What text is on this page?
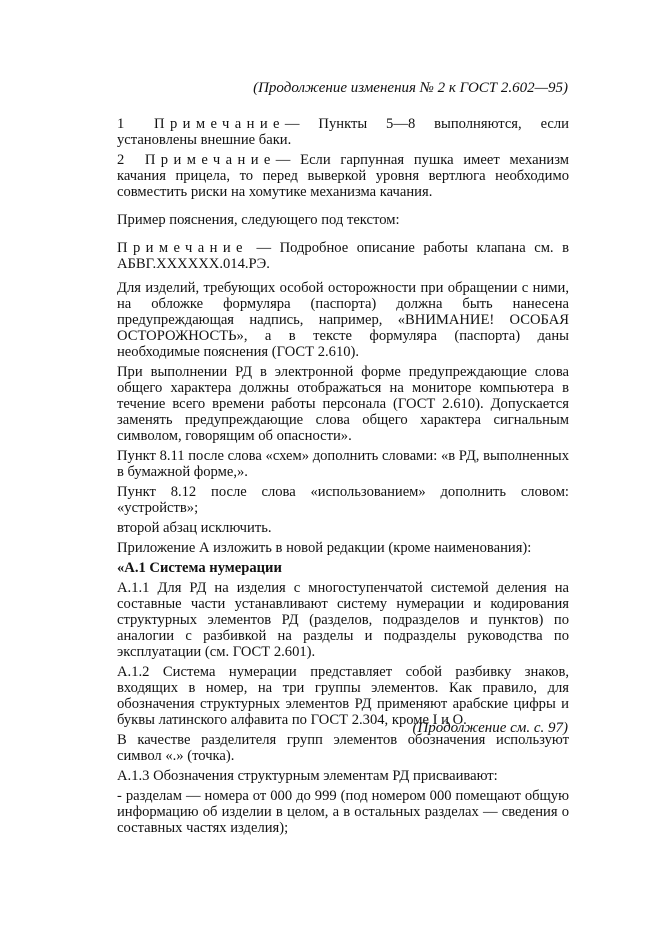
(Продолжение изменения № 2 к ГОСТ 2.602—95)

1 Примечание— Пункты 5—8 выполняются, если установлены внешние баки.

2 Примечание— Если гарпунная пушка имеет механизм качания прицела, то перед выверкой уровня вертлюга необходимо совместить риски на хомутике механизма качания.

Пример пояснения, следующего под текстом:

Примечание — Подробное описание работы клапана см. в АБВГ.XXXXXX.014.РЭ.

Для изделий, требующих особой осторожности при обращении с ними, на обложке формуляра (паспорта) должна быть нанесена предупреждающая надпись, например, «ВНИМАНИЕ! ОСОБАЯ ОСТОРОЖНОСТЬ», а в тексте формуляра (паспорта) даны необходимые пояснения (ГОСТ 2.610).

При выполнении РД в электронной форме предупреждающие слова общего характера должны отображаться на мониторе компьютера в течение всего времени работы персонала (ГОСТ 2.610). Допускается заменять предупреждающие слова общего характера сигнальным символом, говорящим об опасности».

Пункт 8.11 после слова «схем» дополнить словами: «в РД, выполненных в бумажной форме,».

Пункт 8.12 после слова «использованием» дополнить словом: «устройств»;

второй абзац исключить.

Приложение А изложить в новой редакции (кроме наименования):

«А.1 Система нумерации

А.1.1 Для РД на изделия с многоступенчатой системой деления на составные части устанавливают систему нумерации и кодирования структурных элементов РД (разделов, подразделов и пунктов) по аналогии с разбивкой на разделы и подразделы руководства по эксплуатации (см. ГОСТ 2.601).

А.1.2 Система нумерации представляет собой разбивку знаков, входящих в номер, на три группы элементов. Как правило, для обозначения структурных элементов РД применяют арабские цифры и буквы латинского алфавита по ГОСТ 2.304, кроме I и O.

В качестве разделителя групп элементов обозначения используют символ «.» (точка).

А.1.3 Обозначения структурным элементам РД присваивают:

- разделам — номера от 000 до 999 (под номером 000 помещают общую информацию об изделии в целом, а в остальных разделах — сведения о составных частях изделия);

(Продолжение см. с. 97)
